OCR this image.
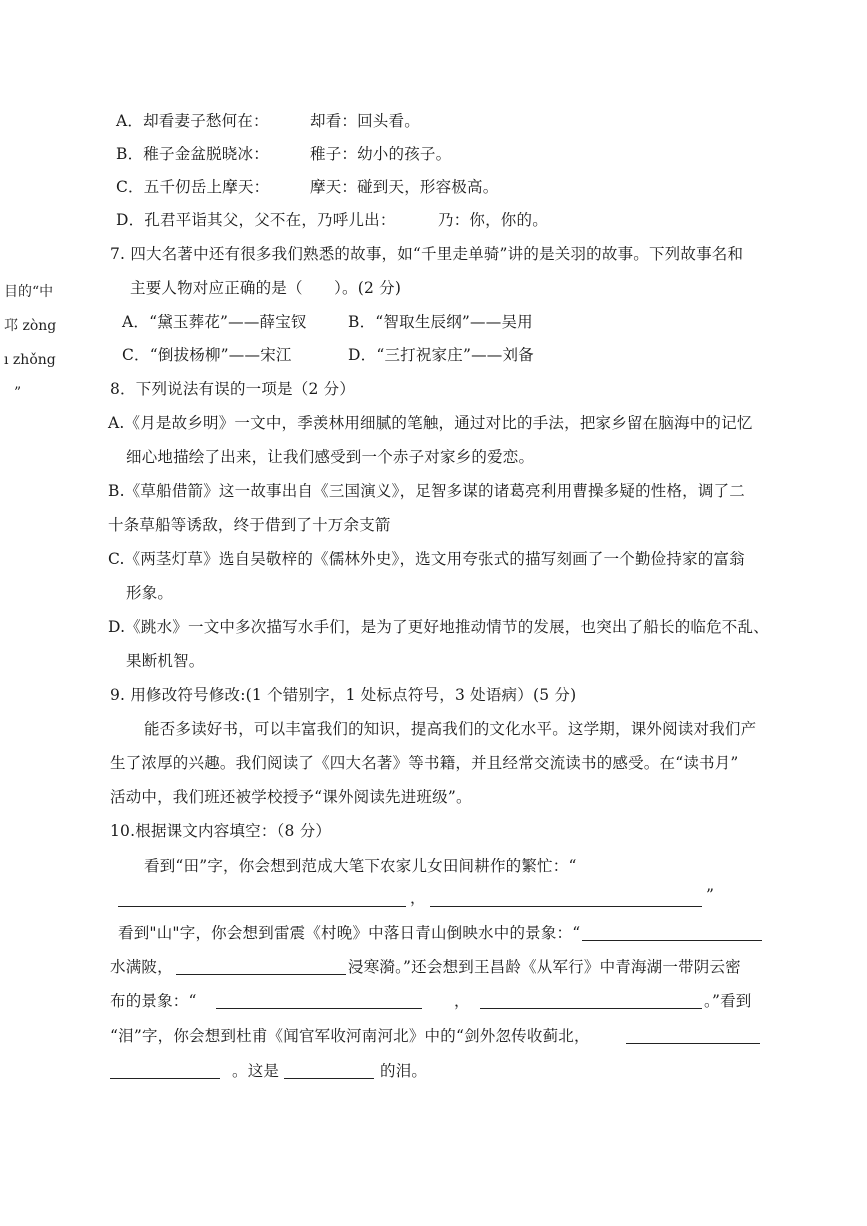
目的“中
邛 zòng
ı zhǒng
”
A．却看妻子愁何在：	却看：回头看。
B．稚子金盆脱晓冰：	稚子：幼小的孩子。
C．五千仞岳上摩天：	摩天：碰到天，形容极高。
D．孔君平诣其父，父不在，乃呼儿出：	乃：你，你的。
7. 四大名著中还有很多我们熟悉的故事，如“千里走单骑”讲的是关羽的故事。下列故事名和
主要人物对应正确的是（　　）。(2 分)
A．“黛玉葬花”——薛宝钗	B．“智取生辰纲”——吴用
C．“倒拔杨柳”——宋江	D．“三打祝家庄”——刘备
8．下列说法有误的一项是（2 分）
A.《月是故乡明》一文中，季羡林用细腻的笔触，通过对比的手法，把家乡留在脑海中的记忆
细心地描绘了出来，让我们感受到一个赤子对家乡的爱恋。
B.《草船借箭》这一故事出自《三国演义》，足智多谋的诸葛亮利用曹操多疑的性格，调了二
十条草船等诱敌，终于借到了十万余支箭
C.《两茎灯草》选自吴敬梓的《儒林外史》，选文用夸张式的描写刻画了一个勤俭持家的富翁
形象。
D.《跳水》一文中多次描写水手们，是为了更好地推动情节的发展，也突出了船长的临危不乱、
果断机智。
9. 用修改符号修改:(1 个错别字，1 处标点符号，3 处语病）(5 分)
能否多读好书，可以丰富我们的知识，提高我们的文化水平。这学期，课外阅读对我们产
生了浓厚的兴趣。我们阅读了《四大名著》等书籍，并且经常交流读书的感受。在“读书月”
活动中，我们班还被学校授予“课外阅读先进班级”。
10.根据课文内容填空：（8 分）
看到“田”字，你会想到范成大笔下农家儿女田间耕作的繁忙：“
，	”
看到"山"字，你会想到雷震《村晚》中落日青山倒映水中的景象：“
水满陂，	浸寒漪。”还会想到王昌龄《从军行》中青海湖一带阴云密
布的景象：“	，	。”看到
“泪”字，你会想到杜甫《闻官军收河南河北》中的“剑外忽传收蓟北，
。这是	的泪。
